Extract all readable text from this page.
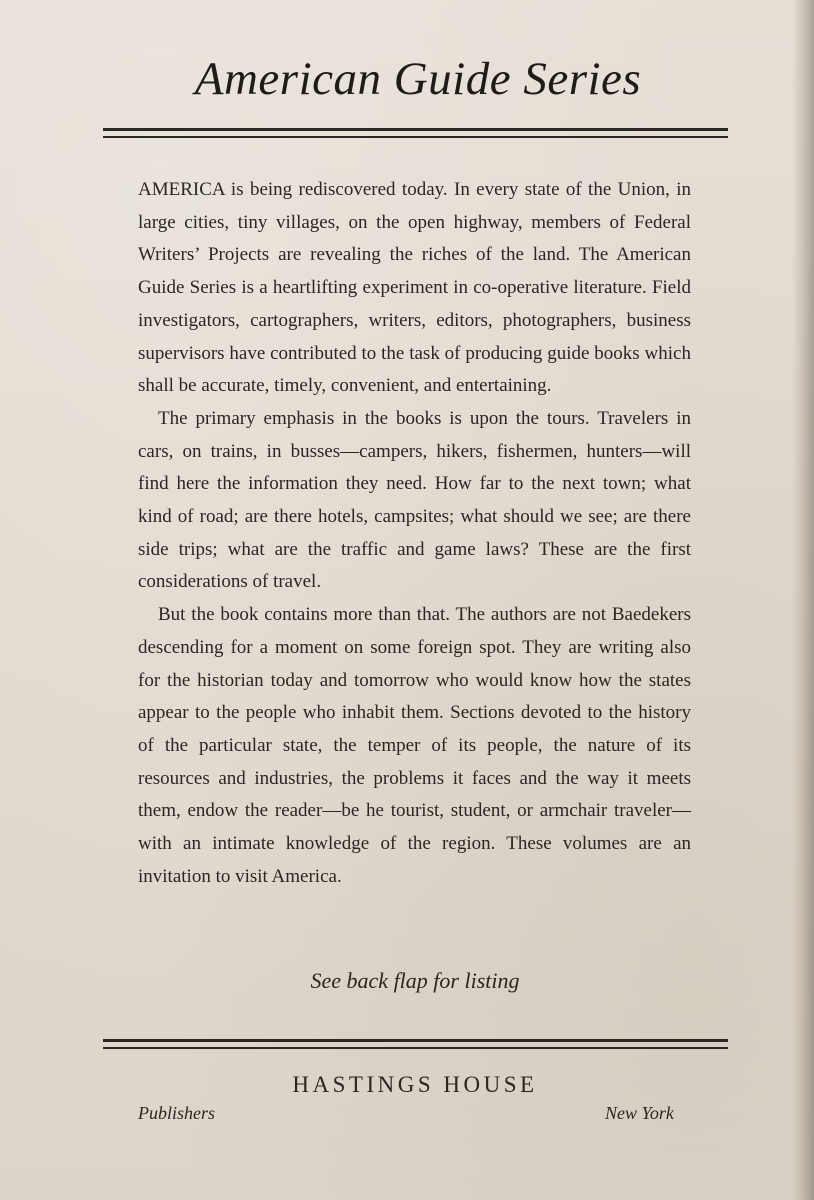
American Guide Series

AMERICA is being rediscovered today. In every state of the Union, in large cities, tiny villages, on the open highway, members of Federal Writers’ Projects are revealing the riches of the land. The American Guide Series is a heartlifting experiment in co-operative literature. Field investigators, cartographers, writers, editors, photographers, business supervisors have contributed to the task of producing guide books which shall be accurate, timely, convenient, and entertaining.

The primary emphasis in the books is upon the tours. Travelers in cars, on trains, in busses—campers, hikers, fishermen, hunters—will find here the information they need. How far to the next town; what kind of road; are there hotels, campsites; what should we see; are there side trips; what are the traffic and game laws? These are the first considerations of travel.

But the book contains more than that. The authors are not Baedekers descending for a moment on some foreign spot. They are writing also for the historian today and tomorrow who would know how the states appear to the people who inhabit them. Sections devoted to the history of the particular state, the temper of its people, the nature of its resources and industries, the problems it faces and the way it meets them, endow the reader—be he tourist, student, or armchair traveler—with an intimate knowledge of the region. These volumes are an invitation to visit America.

See back flap for listing
HASTINGS HOUSE
Publishers	New York
